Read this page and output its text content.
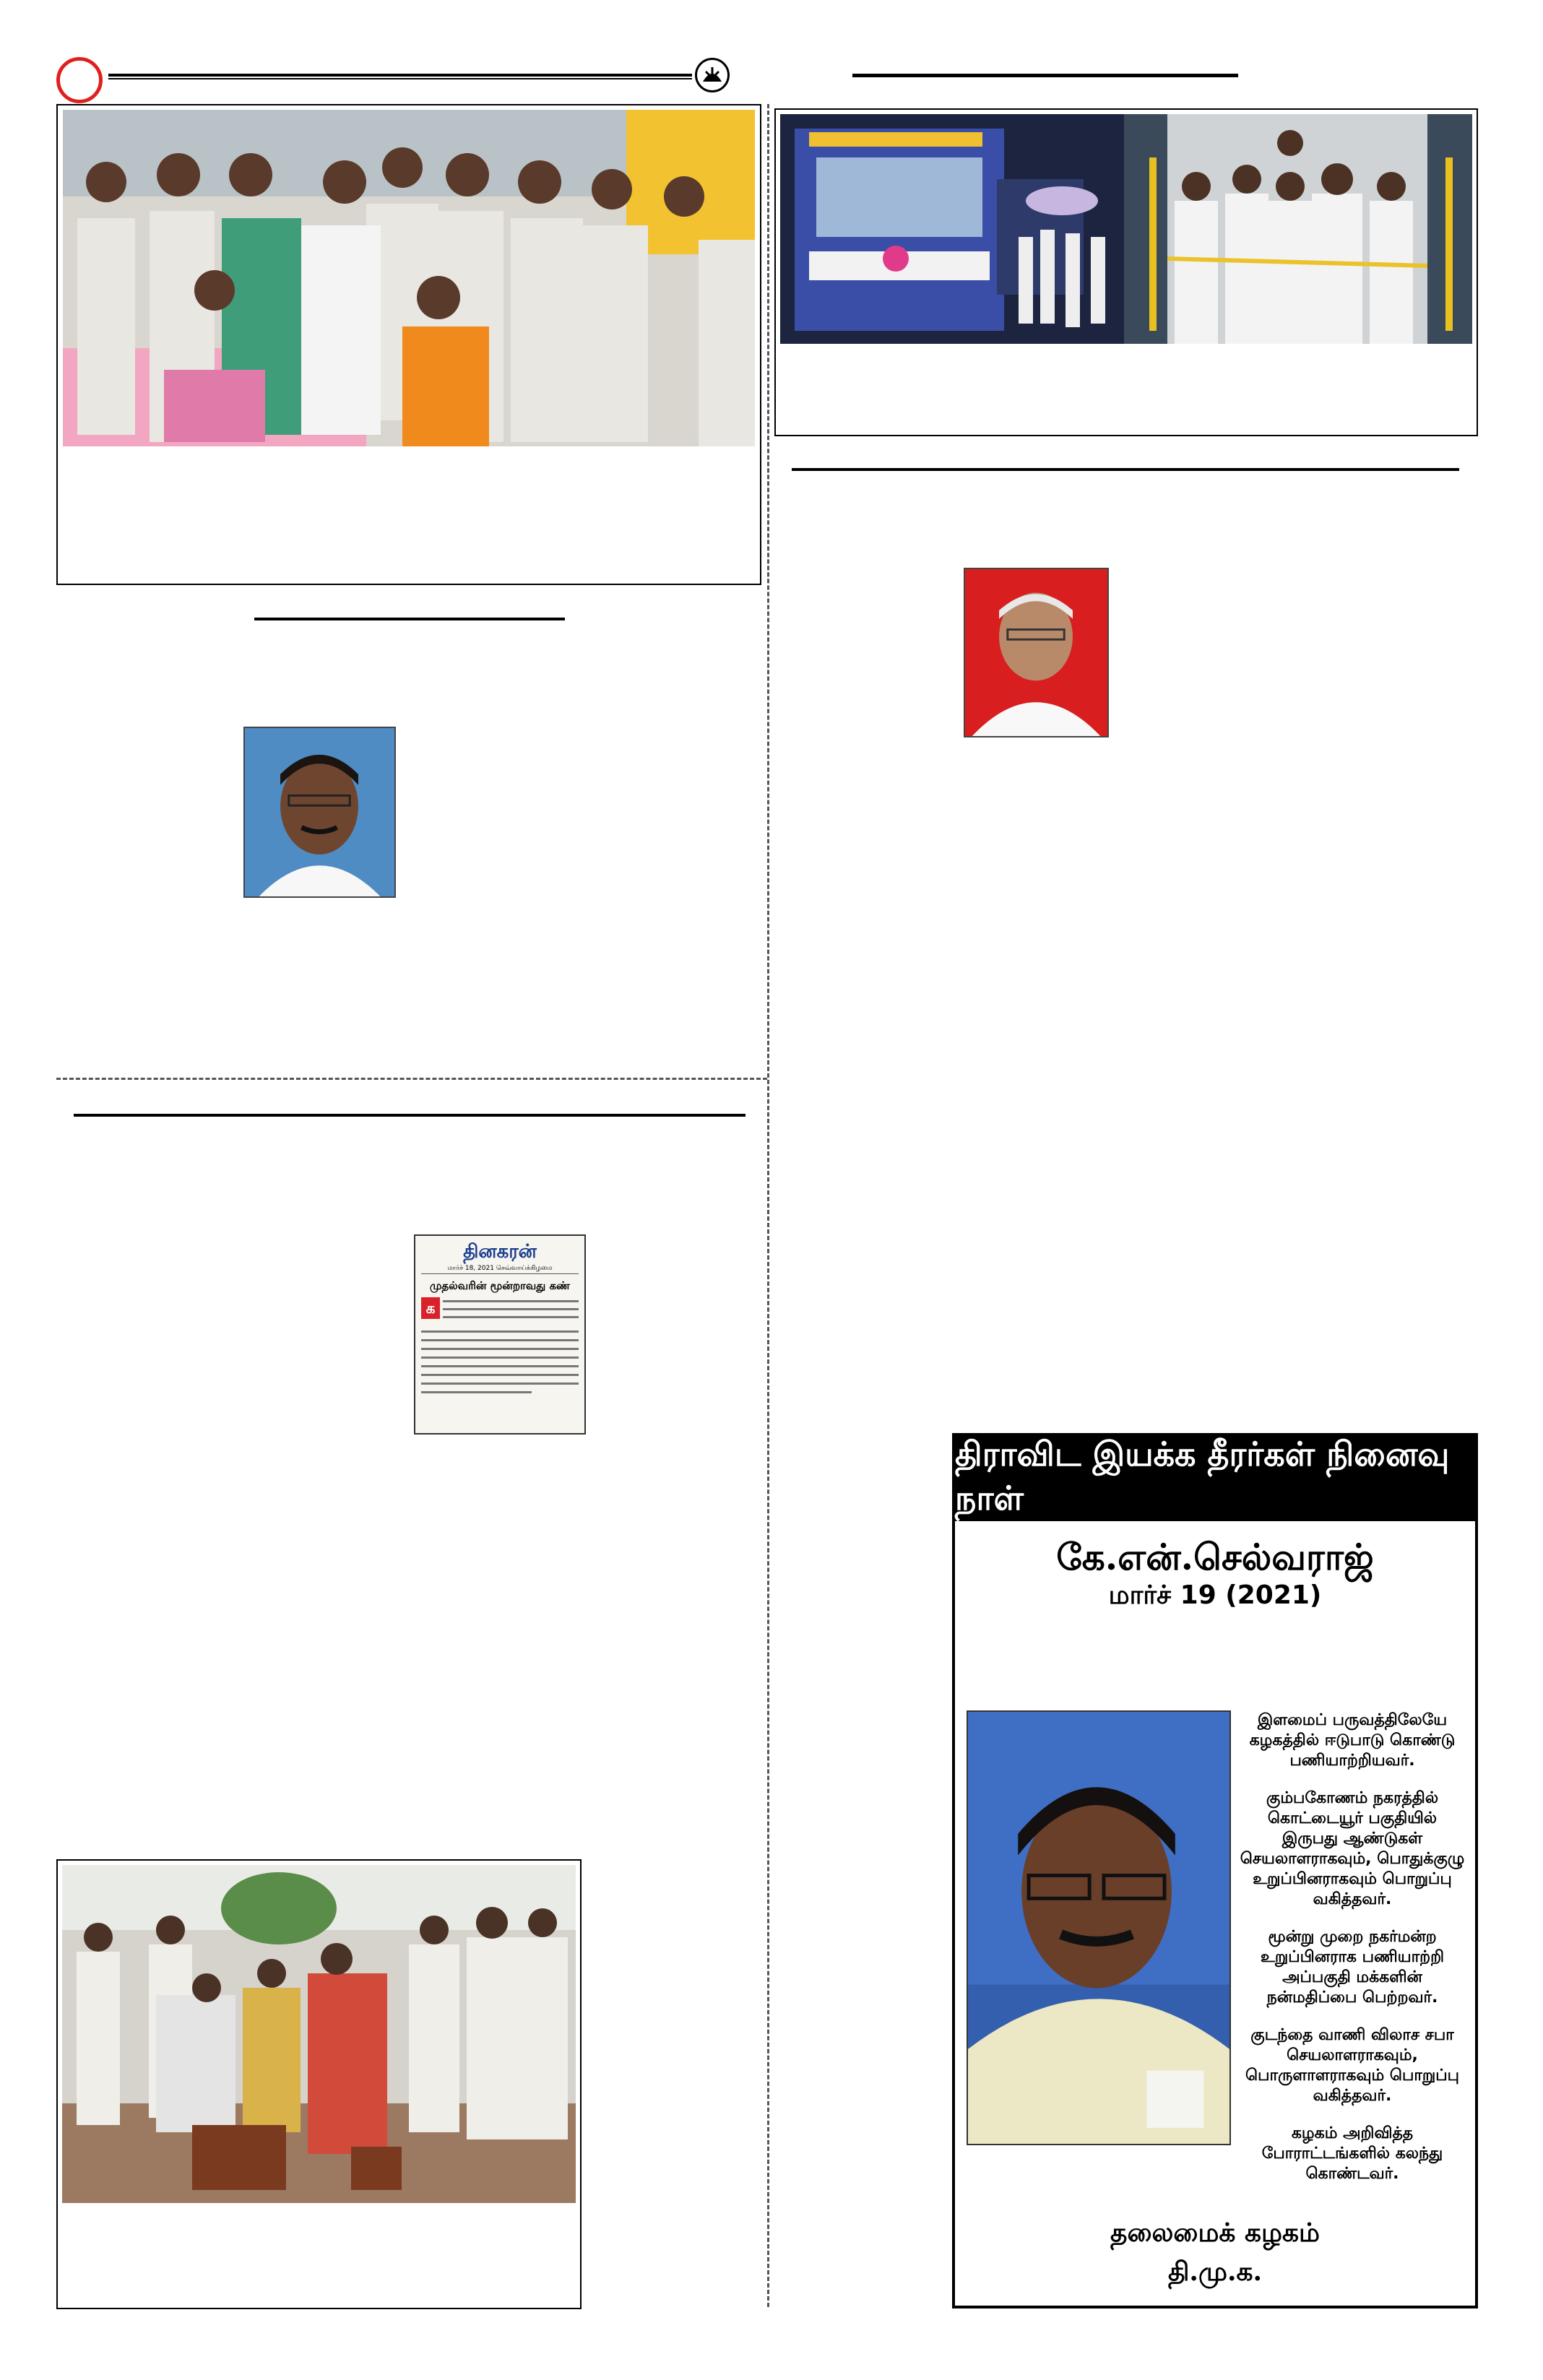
தினகரன்
மார்ச் 18, 2021 செவ்வாய்க்கிழமை
முதல்வரின் மூன்றாவது கண்
க
திராவிட இயக்க தீரர்கள் நினைவு நாள்
கே.என்.செல்வராஜ்
மார்ச் 19 (2021)

இளமைப் பருவத்திலேயே கழகத்தில் ஈடுபாடு கொண்டு பணியாற்றியவர்.

கும்பகோணம் நகரத்தில் கொட்டையூர் பகுதியில் இருபது ஆண்டுகள் செயலாளராகவும், பொதுக்குழு உறுப்பினராகவும் பொறுப்பு வகித்தவர்.

மூன்று முறை நகர்மன்ற உறுப்பினராக பணியாற்றி அப்பகுதி மக்களின் நன்மதிப்பை பெற்றவர்.

குடந்தை வாணி விலாச சபா செயலாளராகவும், பொருளாளராகவும் பொறுப்பு வகித்தவர்.

கழகம் அறிவித்த போராட்டங்களில் கலந்து கொண்டவர்.

தலைமைக் கழகம்
தி.மு.க.
